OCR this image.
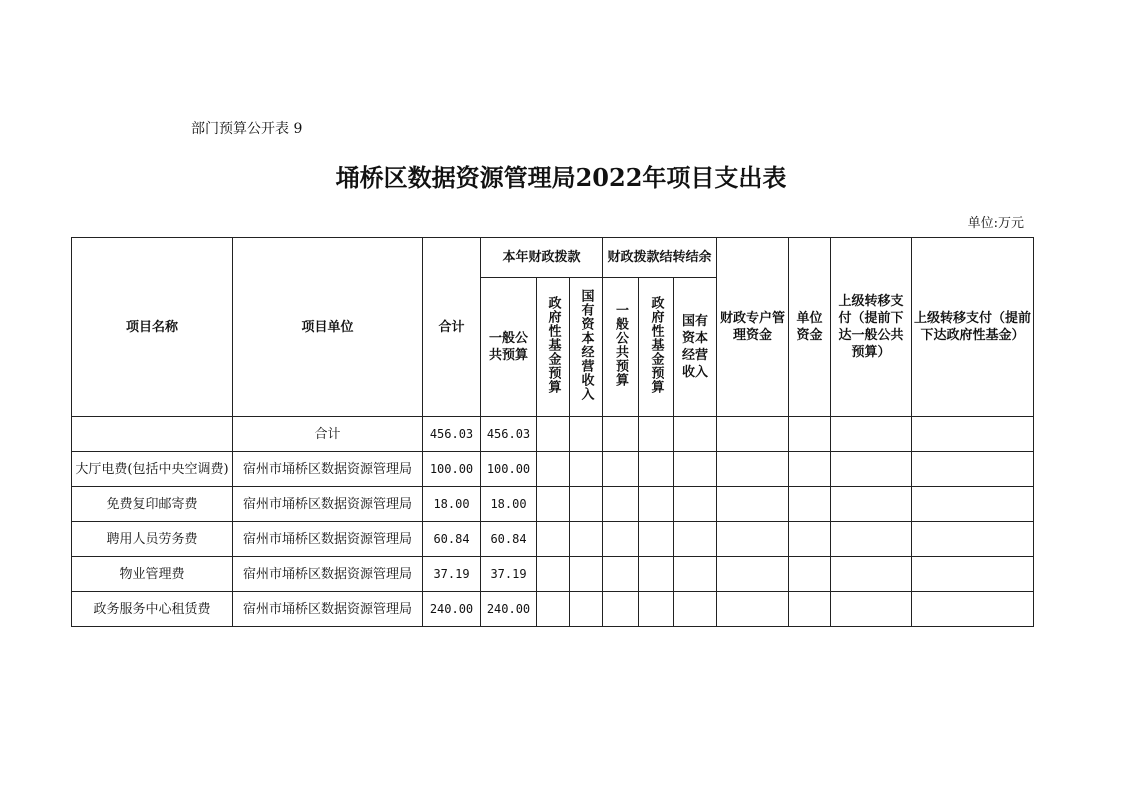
部门预算公开表 9
埇桥区数据资源管理局2022年项目支出表
单位:万元
项目名称	项目单位	合计	本年财政拨款			财政拨款结转结余			财政专户管理资金	单位资金	上级转移支付（提前下达一般公共预算）	上级转移支付（提前下达政府性基金）
			一般公共预算	政府性基金预算	国有资本经营收入	一般公共预算	政府性基金预算	国有资本经营收入				
	合计	456.03	456.03									
大厅电费(包括中央空调费)	宿州市埇桥区数据资源管理局	100.00	100.00									
免费复印邮寄费	宿州市埇桥区数据资源管理局	18.00	18.00									
聘用人员劳务费	宿州市埇桥区数据资源管理局	60.84	60.84									
物业管理费	宿州市埇桥区数据资源管理局	37.19	37.19									
政务服务中心租赁费	宿州市埇桥区数据资源管理局	240.00	240.00									
